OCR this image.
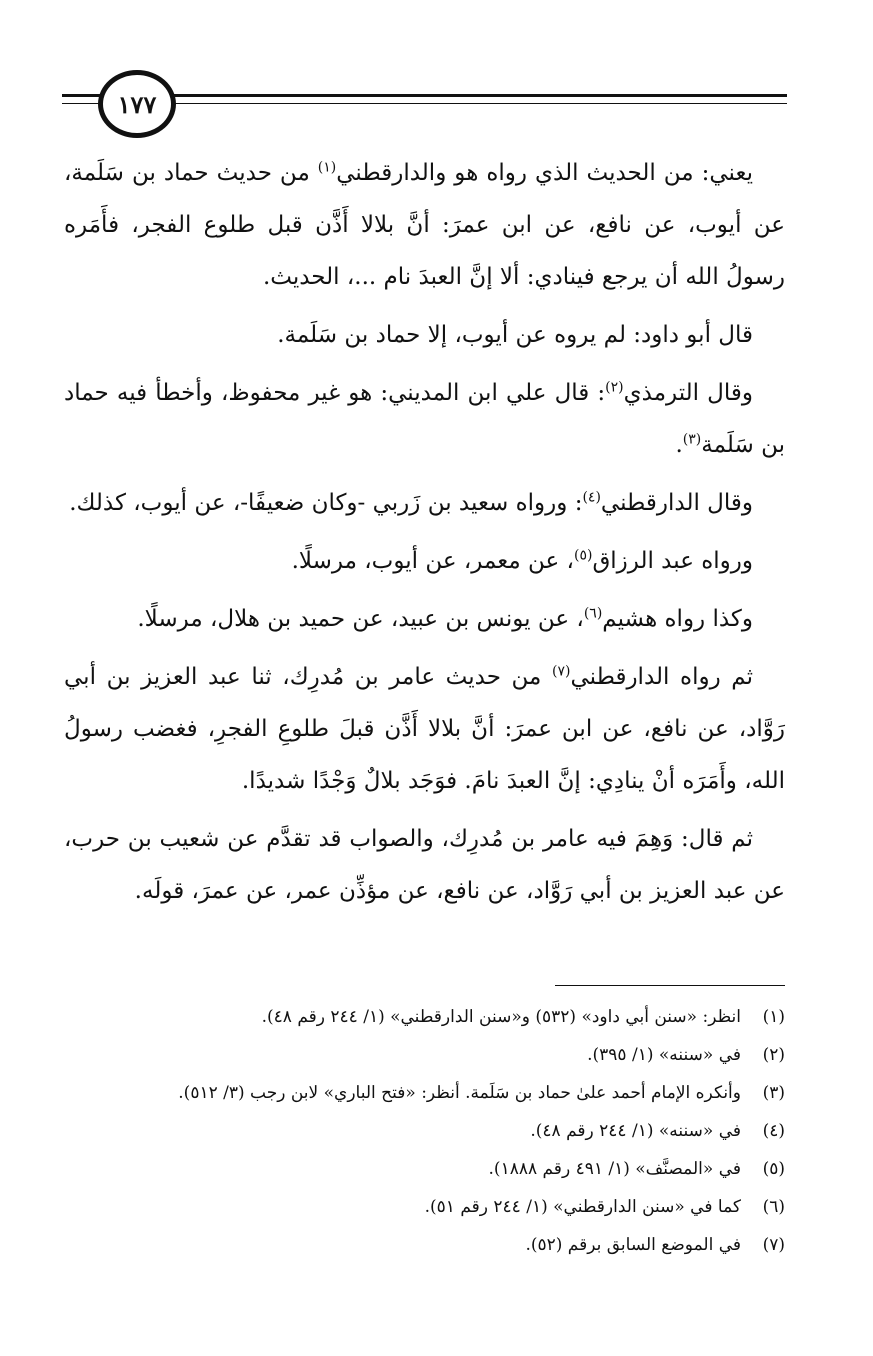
١٧٧

يعني: من الحديث الذي رواه هو والدارقطني$^{(١)}$ من حديث حماد بن سَلَمة، عن أيوب، عن نافع، عن ابن عمرَ: أنَّ بلالا أَذَّن قبل طلوع الفجر، فأَمَره رسولُ الله أن يرجع فينادي: ألا إنَّ العبدَ نام ...، الحديث.

قال أبو داود: لم يروه عن أيوب، إلا حماد بن سَلَمة.

وقال الترمذي$^{(٢)}$: قال علي ابن المديني: هو غير محفوظ، وأخطأ فيه حماد بن سَلَمة$^{(٣)}$.

وقال الدارقطني$^{(٤)}$: ورواه سعيد بن زَربي -وكان ضعيفًا-، عن أيوب، كذلك.

ورواه عبد الرزاق$^{(٥)}$، عن معمر، عن أيوب، مرسلًا.

وكذا رواه هشيم$^{(٦)}$، عن يونس بن عبيد، عن حميد بن هلال، مرسلًا.

ثم رواه الدارقطني$^{(٧)}$ من حديث عامر بن مُدرِك، ثنا عبد العزيز بن أبي رَوَّاد، عن نافع، عن ابن عمرَ: أنَّ بلالا أَذَّن قبلَ طلوعِ الفجرِ، فغضب رسولُ الله، وأَمَرَه أنْ ينادِي: إنَّ العبدَ نامَ. فوَجَد بلالٌ وَجْدًا شديدًا.

ثم قال: وَهِمَ فيه عامر بن مُدرِك، والصواب قد تقدَّم عن شعيب بن حرب، عن عبد العزيز بن أبي رَوَّاد، عن نافع، عن مؤذِّن عمر، عن عمرَ، قولَه.

(١)
انظر: «سنن أبي داود» (٥٣٢) و«سنن الدارقطني» (١/ ٢٤٤ رقم ٤٨).
(٢)
في «سننه» (١/ ٣٩٥).
(٣)
وأنكره الإمام أحمد علىٰ حماد بن سَلَمة. أنظر: «فتح الباري» لابن رجب (٣/ ٥١٢).
(٤)
في «سننه» (١/ ٢٤٤ رقم ٤٨).
(٥)
في «المصنَّف» (١/ ٤٩١ رقم ١٨٨٨).
(٦)
كما في «سنن الدارقطني» (١/ ٢٤٤ رقم ٥١).
(٧)
في الموضع السابق برقم (٥٢).
